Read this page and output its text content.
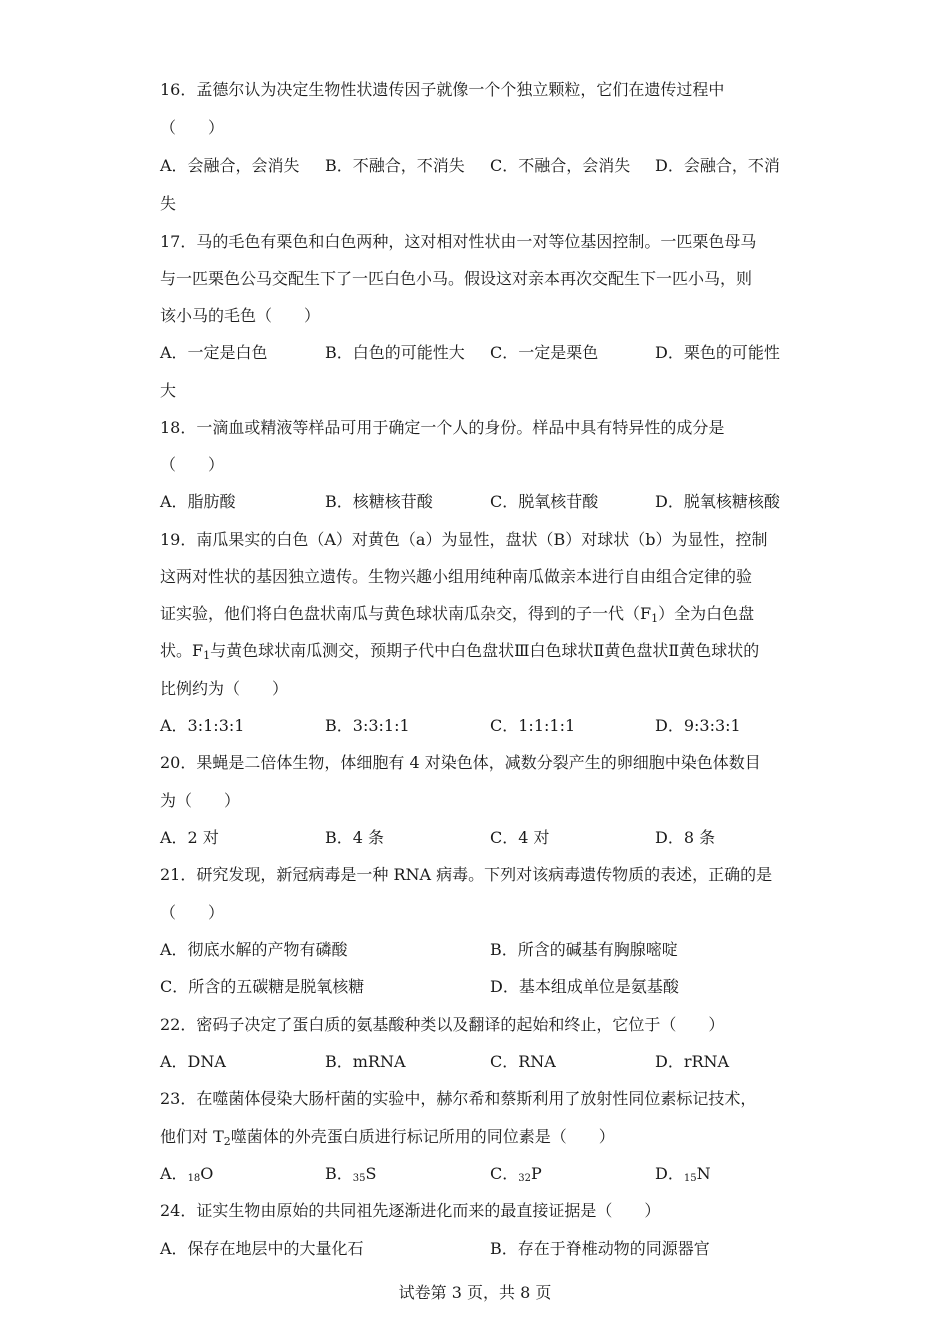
16．孟德尔认为决定生物性状遗传因子就像一个个独立颗粒，它们在遗传过程中
（　　）
A．会融合，会消失 B．不融合，不消失 C．不融合，会消失 D．会融合，不消
失
17．马的毛色有栗色和白色两种，这对相对性状由一对等位基因控制。一匹栗色母马
与一匹栗色公马交配生下了一匹白色小马。假设这对亲本再次交配生下一匹小马，则
该小马的毛色（　　）
A．一定是白色	B．白色的可能性大 C．一定是栗色	D．栗色的可能性
大
18．一滴血或精液等样品可用于确定一个人的身份。样品中具有特异性的成分是
（　　）
A．脂肪酸	B．核糖核苷酸	C．脱氧核苷酸	D．脱氧核糖核酸
19．南瓜果实的白色（A）对黄色（a）为显性，盘状（B）对球状（b）为显性，控制
这两对性状的基因独立遗传。生物兴趣小组用纯种南瓜做亲本进行自由组合定律的验
证实验，他们将白色盘状南瓜与黄色球状南瓜杂交，得到的子一代$(F_1)$全为白色盘
状。$F_1$与黄色球状南瓜测交，预期子代中白色盘状Ⅲ白色球状Ⅱ黄色盘状Ⅱ黄色球状的
比例约为（　　）
A．3:1:3:1	B．3:3:1:1	C．1:1:1:1	D．9:3:3:1
20．果蝇是二倍体生物，体细胞有 4 对染色体，减数分裂产生的卵细胞中染色体数目
为（　　）
A．2 对	B．4 条	C．4 对	D．8 条
21．研究发现，新冠病毒是一种 RNA 病毒。下列对该病毒遗传物质的表述，正确的是
（　　）
A．彻底水解的产物有磷酸	B．所含的碱基有胸腺嘧啶
C．所含的五碳糖是脱氧核糖	D．基本组成单位是氨基酸
22．密码子决定了蛋白质的氨基酸种类以及翻译的起始和终止，它位于（　　）
A．DNA	B．mRNA	C．RNA	D．rRNA
23．在噬菌体侵染大肠杆菌的实验中，赫尔希和蔡斯利用了放射性同位素标记技术，
他们对 $T_2$噬菌体的外壳蛋白质进行标记所用的同位素是（　　）
A．18O	B．35S	C．32P	D．15N
24．证实生物由原始的共同祖先逐渐进化而来的最直接证据是（　　）
A．保存在地层中的大量化石	B．存在于脊椎动物的同源器官
试卷第 3 页，共 8 页
